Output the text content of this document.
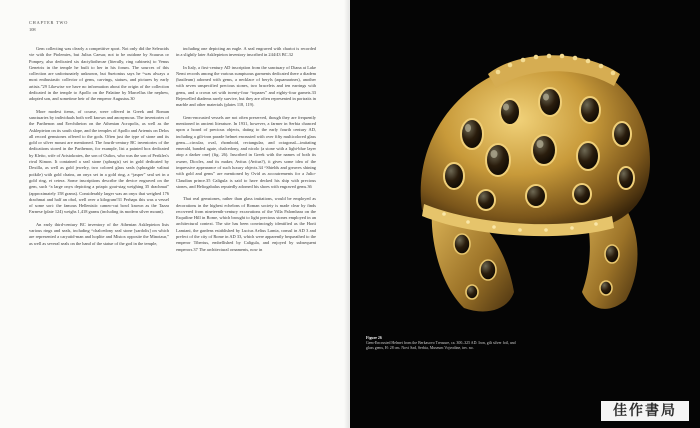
CHAPTER TWO
108

Gem collecting was clearly a competitive sport. Not only did the Seleucids vie with the Ptolemies, but Julius Caesar, not to be outdone by Scaurus or Pompey, also dedicated six dactyliothecae (literally, ring cabinets) to Venus Genetrix in the temple he built to her in his forum. The sources of this collection are unfortunately unknown, but Suetonius says he “was always a most enthusiastic collector of gems, carvings, statues, and pictures by early artists.”29 Likewise we have no information about the origin of the collection dedicated in the temple to Apollo on the Palatine by Marcellus the nephew, adopted son, and sometime heir of the emperor Augustus.30

More modest items, of course, were offered in Greek and Roman sanctuaries by individuals both well known and anonymous. The inventories of the Parthenon and Erechtheion on the Athenian Acropolis, as well as the Asklepieion on its south slope, and the temples of Apollo and Artemis on Delos all record gemstones offered to the gods. Often just the type of stone and its gold or silver mount are mentioned. The fourth-century BC inventories of the dedications stored in the Parthenon, for example, list a painted box dedicated by Kleito, wife of Aristokrates, the son of Oulios, who was the son of Perikles's rival Kimon. It contained a seal stone (sphragis) set in gold dedicated by Dexilla, as well as gold jewelry, two colored glass seals (sphragide valinai poikile) with gold chains, an onyx set in a gold ring, a “jasper” seal set in a gold ring, et cetera. Some inscriptions describe the device engraved on the gem, such “a large onyx depicting a priapic goat-stag weighing 35 drachmai” (approximately 158 grams). Considerably larger was an onyx that weighed 176 drachmai and half an obol, well over a kilogram!31 Perhaps this was a vessel of some sort: the famous Hellenistic cameo-cut bowl known as the Tazza Farnese (plate 124) weighs 1,418 grams (including its modern silver mount).

An early third-century BC inventory of the Athenian Asklepieion lists various rings and seals, including “chalcedony seal stone [sardolis] on which are represented a caryatid-man and hoplite and Mistox opposite the Minotaur,” as well as several seals on the hand of the statue of the god in the temple,

including one depicting an eagle. A seal engraved with chariot is recorded in a slightly later Asklepieion inventory inscribed in 244/43 BC.32

In Italy, a first-century AD inscription from the sanctuary of Diana at Lake Nemi records among the various sumptuous garments dedicated there a diadem (basileum) adorned with gems, a necklace of beryls (aquamarines), another with seven unspecified precious stones, two bracelets and ten earrings with gems, and a crown set with twenty-four “topazes” and eighty-four garnets.33 Bejewelled diadems rarely survive, but they are often represented in portraits in marble and other materials (plates 118, 119).

Gem-encrusted vessels are not often preserved, though they are frequently mentioned in ancient literature. In 1931, however, a farmer in Serbia chanced upon a hoard of precious objects, dating to the early fourth century AD, including a gilt-iron parade helmet encrusted with over fifty multicolored glass gems—circular, oval, rhomboid, rectangular, and octagonal—imitating emerald, banded agate, chalcedony, and nicolo (a stone with a light-blue layer atop a darker one) (fig. 26). Inscribed in Greek with the names of both its owner, Diocles, and its maker, Avitus (Avitus?), it gives some idea of the impressive appearance of such luxury objects.34 “Shields and greaves shining with gold and gems” are mentioned by Ovid as accoutrements for a Julio-Claudian prince.35 Caligula is said to have decked his ship with precious stones, and Heliogabalus reputedly adorned his shoes with engraved gems.36

That real gemstones, rather than glass imitations, would be employed as decorations in the highest echelons of Roman society is made clear by finds recovered from nineteenth-century excavations of the Villa Palombara on the Esquiline Hill in Rome, which brought to light precious stones employed in an architectural context. The site has been convincingly identified as the Horti Lamiani, the gardens established by Lucius Aelius Lamia, consul in AD 3 and prefect of the city of Rome in AD 33, which were apparently bequeathed to the emperor Tiberius, embellished by Caligula, and enjoyed by subsequent emperors.37 The architectural ornaments, now in

Figure 26
Gem-Encrusted Helmet from the Berkasovo Treasure, ca. 300–325 AD. Iron, gilt silver foil, and glass gems, H: 28 cm. Novi Sad, Serbia, Museum Vojvodine, inv. no.
佳作書局
